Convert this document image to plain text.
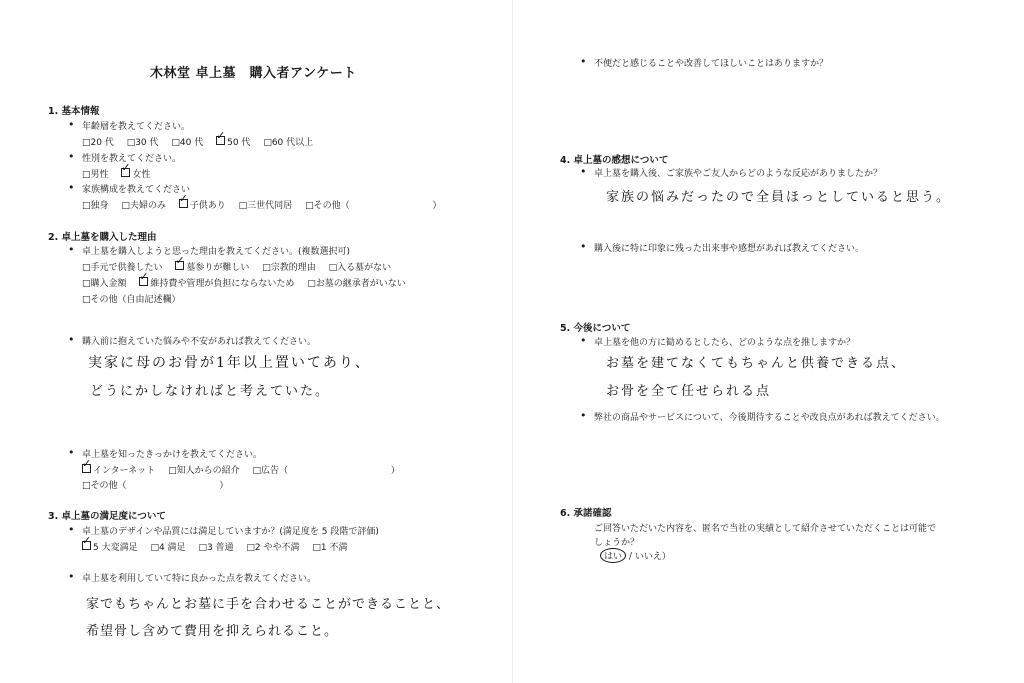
木林堂 卓上墓　購入者アンケート
1. 基本情報
• 年齢層を教えてください。
□20 代 □30 代 □40 代 ✓	50 代 □60 代以上
• 性別を教えてください。
□男性 ✓	女性
• 家族構成を教えてください
□独身 □夫婦のみ ✓	子供あり □三世代同居 □その他（	）
2. 卓上墓を購入した理由
• 卓上墓を購入しようと思った理由を教えてください。(複数選択可)
□手元で供養したい ✓	墓参りが難しい □宗教的理由 □入る墓がない
□購入金額 ✓	維持費や管理が負担にならないため □お墓の継承者がいない
□その他（自由記述欄）
• 購入前に抱えていた悩みや不安があれば教えてください。
実家に母のお骨が1年以上置いてあり、
どうにかしなければと考えていた。
• 卓上墓を知ったきっかけを教えてください。
✓インターネット □知人からの紹介 □広告（	）
□その他（	）
3. 卓上墓の満足度について
• 卓上墓のデザインや品質には満足していますか？(満足度を 5 段階で評価)
✓5 大変満足 □4 満足 □3 普通 □2 やや不満 □1 不満
• 卓上墓を利用していて特に良かった点を教えてください。
家でもちゃんとお墓に手を合わせることができることと、
希望骨し含めて費用を抑えられること。
• 不便だと感じることや改善してほしいことはありますか？
4. 卓上墓の感想について
• 卓上墓を購入後、ご家族やご友人からどのような反応がありましたか？
家族の悩みだったので全員ほっとしていると思う。
• 購入後に特に印象に残った出来事や感想があれば教えてください。
5. 今後について
• 卓上墓を他の方に勧めるとしたら、どのような点を推しますか？
お墓を建てなくてもちゃんと供養できる点、
お骨を全て任せられる点
• 弊社の商品やサービスについて、今後期待することや改良点があれば教えてください。
6. 承諾確認
ご回答いただいた内容を、匿名で当社の実績として紹介させていただくことは可能で
しょうか？
はい / いいえ）
